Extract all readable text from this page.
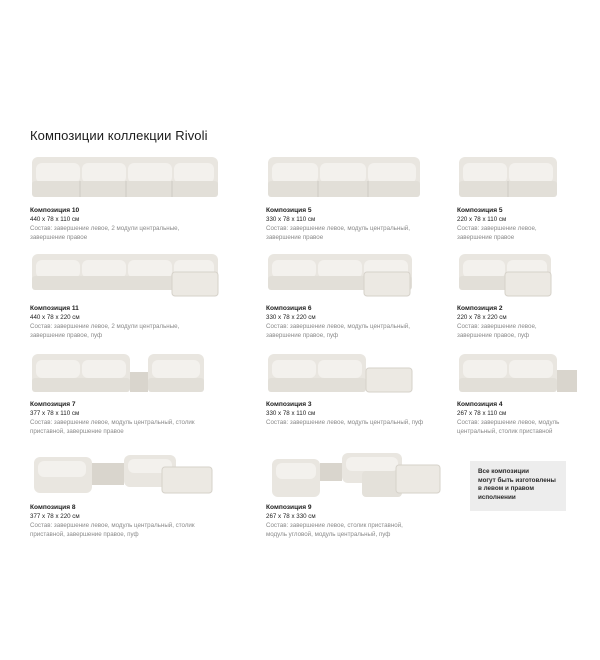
Композиции коллекции Rivoli
Композиция 10
440 x 78 x 110 см
Состав: завершение левое, 2 модули центральные,
завершение правое
Композиция 5
330 x 78 x 110 см
Состав: завершение левое, модуль центральный,
завершение правое
Композиция 5
220 x 78 x 110 см
Состав: завершение левое,
завершение правое
Композиция 11
440 x 78 x 220 см
Состав: завершение левое, 2 модули центральные,
завершение правое, пуф
Композиция 6
330 x 78 x 220 см
Состав: завершение левое, модуль центральный,
завершение правое, пуф
Композиция 2
220 x 78 x 220 см
Состав: завершение левое,
завершение правое, пуф
Композиция 7
377 x 78 x 110 см
Состав: завершение левое, модуль центральный, столик
приставной, завершение правое
Композиция 3
330 x 78 x 110 см
Состав: завершение левое, модуль центральный, пуф
Композиция 4
267 x 78 x 110 см
Состав: завершение левое, модуль
центральный, столик приставной
Композиция 8
377 x 78 x 220 см
Состав: завершение левое, модуль центральный, столик
приставной, завершение правое, пуф
Композиция 9
267 x 78 x 330 см
Состав: завершение левое, столик приставной,
модуль угловой, модуль центральный, пуф
Все композиции
могут быть изготовлены
в левом и правом
исполнении
